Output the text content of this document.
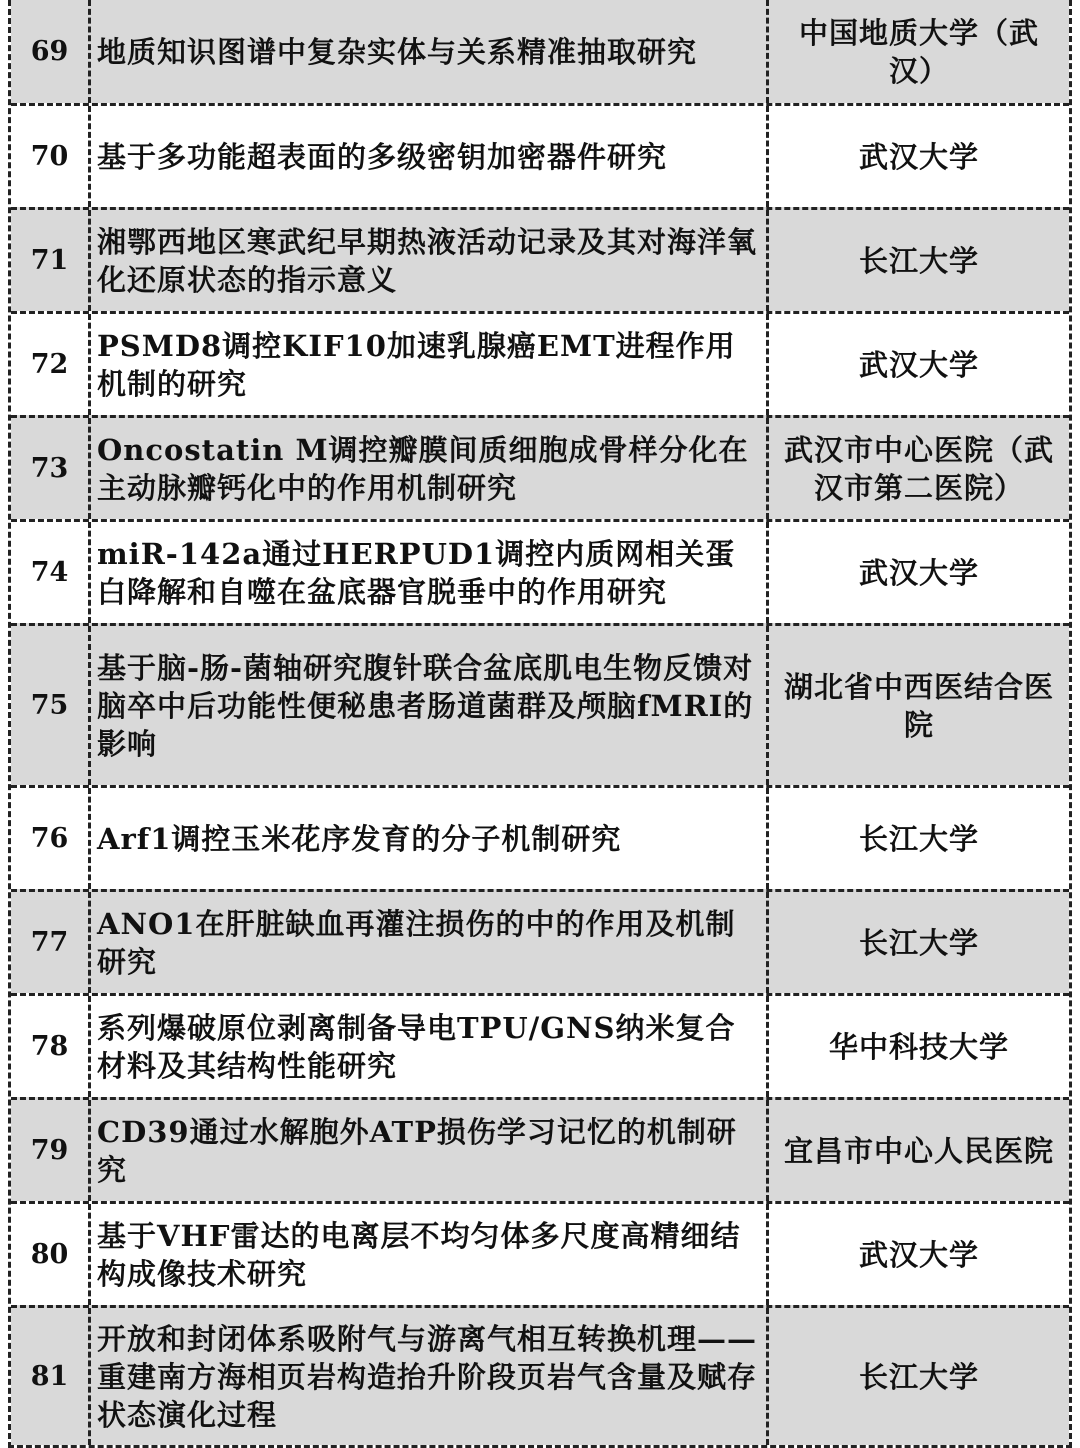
69 地质知识图谱中复杂实体与关系精准抽取研究
中国地质大学（武汉）
70 基于多功能超表面的多级密钥加密器件研究	武汉大学
71
湘鄂西地区寒武纪早期热液活动记录及其对海洋氧化还原状态的指示意义
长江大学
72
PSMD8调控KIF10加速乳腺癌EMT进程作用机制的研究
武汉大学
73
Oncostatin M调控瓣膜间质细胞成骨样分化在主动脉瓣钙化中的作用机制研究
武汉市中心医院（武汉市第二医院）
74
miR-142a通过HERPUD1调控内质网相关蛋白降解和自噬在盆底器官脱垂中的作用研究
武汉大学
75
基于脑-肠-菌轴研究腹针联合盆底肌电生物反馈对脑卒中后功能性便秘患者肠道菌群及颅脑fMRI的影响
湖北省中西医结合医院
76 Arf1调控玉米花序发育的分子机制研究	长江大学
77
ANO1在肝脏缺血再灌注损伤的中的作用及机制研究
长江大学
78
系列爆破原位剥离制备导电TPU/GNS纳米复合材料及其结构性能研究
华中科技大学
79
CD39通过水解胞外ATP损伤学习记忆的机制研究
宜昌市中心人民医院
80
基于VHF雷达的电离层不均匀体多尺度高精细结构成像技术研究
武汉大学
81
开放和封闭体系吸附气与游离气相互转换机理——重建南方海相页岩构造抬升阶段页岩气含量及赋存状态演化过程
长江大学
